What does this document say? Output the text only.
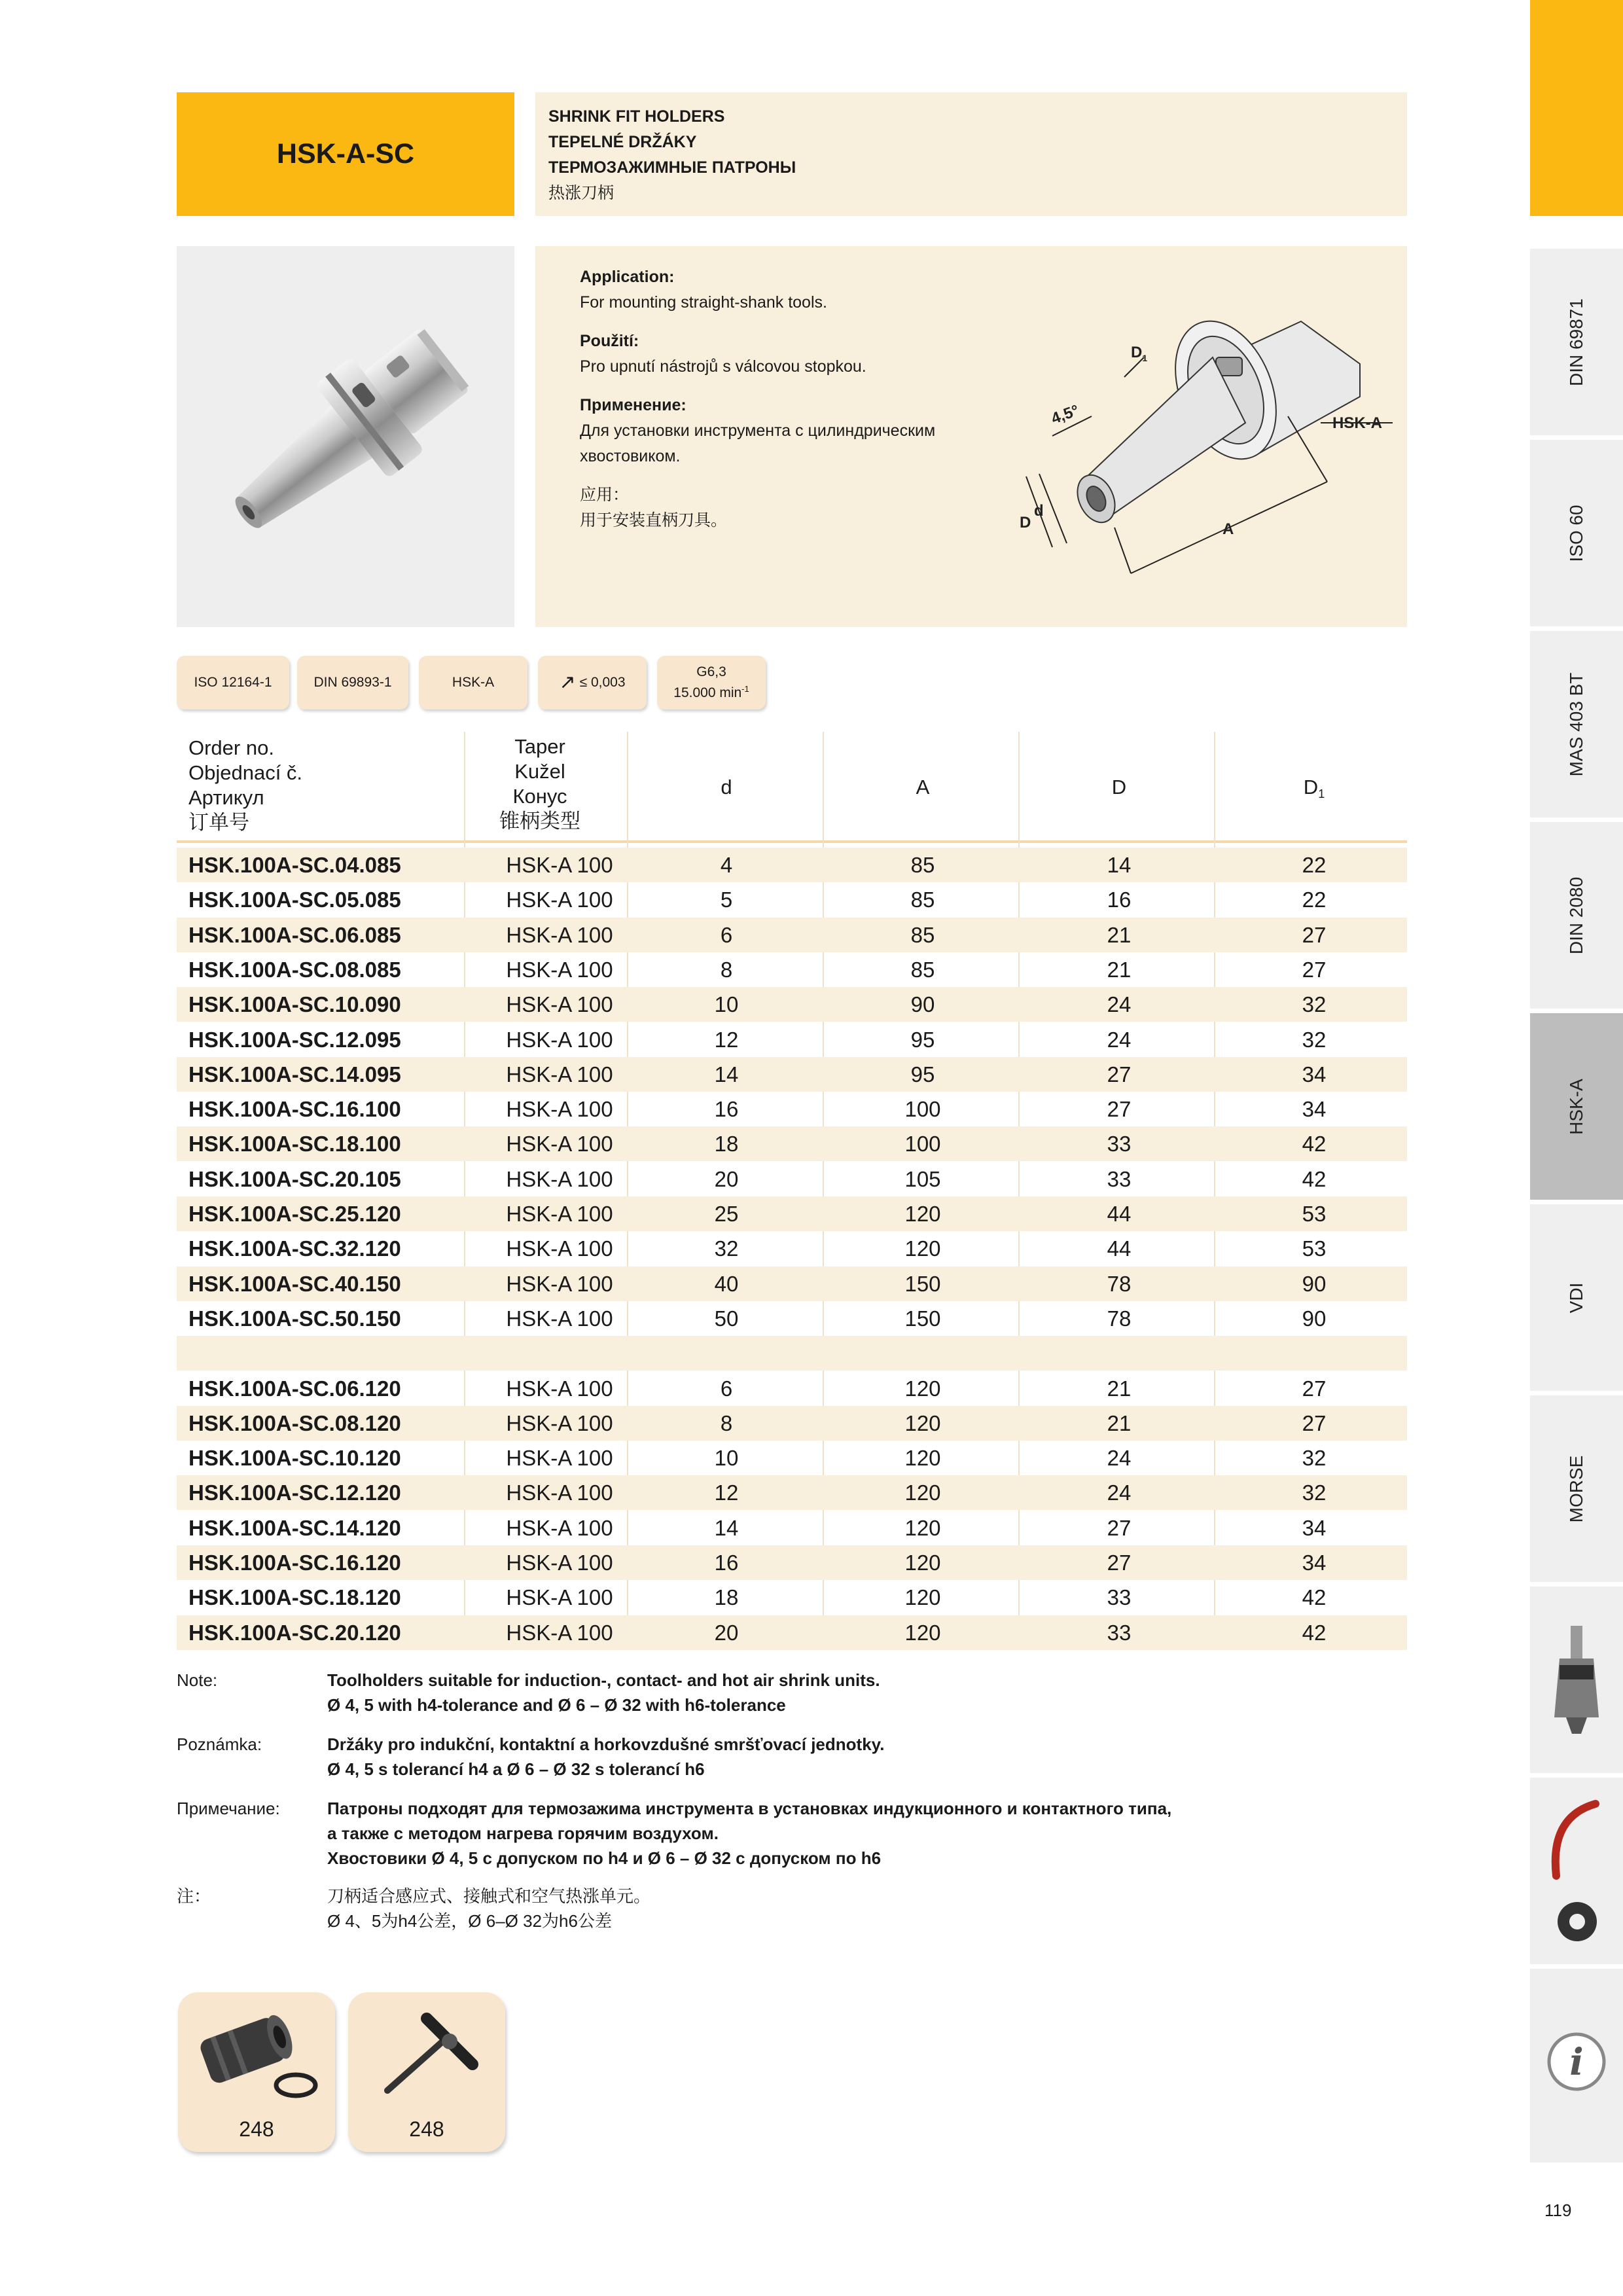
HSK-A-SC
SHRINK FIT HOLDERS
TEPELNÉ DRŽÁKY
ТЕРМОЗАЖИМНЫЕ ПАТРОНЫ
热涨刀柄
Application:
For mounting straight-shank tools.
Použití:
Pro upnutí nástrojů s válcovou stopkou.
Применение:
Для установки инструмента с цилиндрическим
хвостовиком.
应用：
用于安装直柄刀具。
4,5°
$D_1$
HSK-A
D
d
A
ISO 12164-1	DIN 69893-1	HSK-A	↗ ≤ 0,003
G6,3
15.000 $\min^{-1}$
Order no.
Objednací č.
Артикул
订单号
Taper
Kužel
Конус
锥柄类型
d	A	D	$D_1$
HSK.100A-SC.04.085	HSK-A 100	4	85	14	22
HSK.100A-SC.05.085	HSK-A 100	5	85	16	22
HSK.100A-SC.06.085	HSK-A 100	6	85	21	27
HSK.100A-SC.08.085	HSK-A 100	8	85	21	27
HSK.100A-SC.10.090	HSK-A 100	10	90	24	32
HSK.100A-SC.12.095	HSK-A 100	12	95	24	32
HSK.100A-SC.14.095	HSK-A 100	14	95	27	34
HSK.100A-SC.16.100	HSK-A 100	16	100	27	34
HSK.100A-SC.18.100	HSK-A 100	18	100	33	42
HSK.100A-SC.20.105	HSK-A 100	20	105	33	42
HSK.100A-SC.25.120	HSK-A 100	25	120	44	53
HSK.100A-SC.32.120	HSK-A 100	32	120	44	53
HSK.100A-SC.40.150	HSK-A 100	40	150	78	90
HSK.100A-SC.50.150	HSK-A 100	50	150	78	90
HSK.100A-SC.06.120	HSK-A 100	6	120	21	27
HSK.100A-SC.08.120	HSK-A 100	8	120	21	27
HSK.100A-SC.10.120	HSK-A 100	10	120	24	32
HSK.100A-SC.12.120	HSK-A 100	12	120	24	32
HSK.100A-SC.14.120	HSK-A 100	14	120	27	34
HSK.100A-SC.16.120	HSK-A 100	16	120	27	34
HSK.100A-SC.18.120	HSK-A 100	18	120	33	42
HSK.100A-SC.20.120	HSK-A 100	20	120	33	42
Note:	Toolholders suitable for induction-, contact- and hot air shrink units.
Ø 4, 5 with h4-tolerance and Ø 6 – Ø 32 with h6-tolerance
Poznámka:	Držáky pro indukční, kontaktní a horkovzdušné smršťovací jednotky.
Ø 4, 5 s tolerancí h4 a Ø 6 – Ø 32 s tolerancí h6
Примечание:	Патроны подходят для термозажима инструмента в установках индукционного и контактного типа,
а также с методом нагрева горячим воздухом.
Хвостовики Ø 4, 5 с допуском по h4 и Ø 6 – Ø 32 с допуском по h6
注：	刀柄适合感应式、接触式和空气热涨单元。
Ø 4、5为h4公差，Ø 6–Ø 32为h6公差
248	248
DIN 69871
ISO 60
MAS 403 BT
DIN 2080
HSK-A
VDI
MORSE
i
119
